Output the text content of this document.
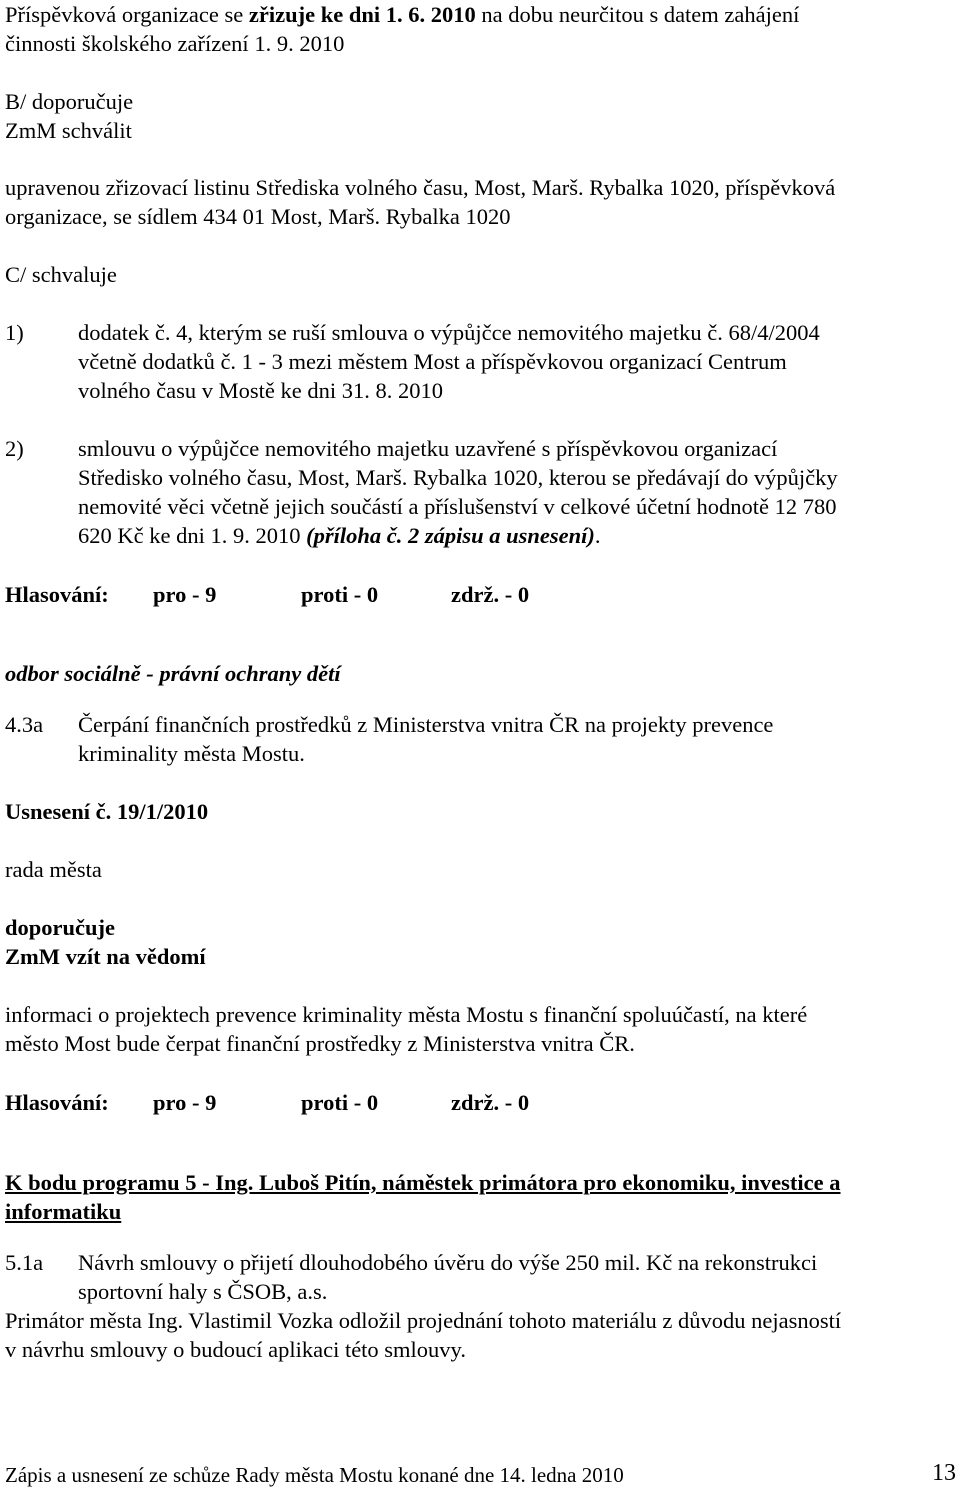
Příspěvková organizace se zřizuje ke dni 1. 6. 2010 na dobu neurčitou s datem zahájení
činnosti školského zařízení 1. 9. 2010
B/ doporučuje
ZmM schválit
upravenou zřizovací listinu Střediska volného času, Most, Marš. Rybalka 1020, příspěvková
organizace, se sídlem 434 01 Most, Marš. Rybalka 1020
C/ schvaluje
1) dodatek č. 4, kterým se ruší smlouva o výpůjčce nemovitého majetku č. 68/4/2004
včetně dodatků č. 1 - 3 mezi městem Most a příspěvkovou organizací Centrum
volného času v Mostě ke dni 31. 8. 2010
2) smlouvu o výpůjčce nemovitého majetku uzavřené s příspěvkovou organizací
Středisko volného času, Most, Marš. Rybalka 1020, kterou se předávají do výpůjčky
nemovité věci včetně jejich součástí a příslušenství v celkové účetní hodnotě 12 780
620 Kč ke dni 1. 9. 2010 (příloha č. 2 zápisu a usnesení).
Hlasování: pro - 9	proti - 0	zdrž. - 0
odbor sociálně - právní ochrany dětí
4.3a Čerpání finančních prostředků z Ministerstva vnitra ČR na projekty prevence
kriminality města Mostu.
Usnesení č. 19/1/2010
rada města
doporučuje
ZmM vzít na vědomí
informaci o projektech prevence kriminality města Mostu s finanční spoluúčastí, na které
město Most bude čerpat finanční prostředky z Ministerstva vnitra ČR.
Hlasování: pro - 9	proti - 0	zdrž. - 0
K bodu programu 5 - Ing. Luboš Pitín, náměstek primátora pro ekonomiku, investice a
informatiku
5.1a Návrh smlouvy o přijetí dlouhodobého úvěru do výše 250 mil. Kč na rekonstrukci
sportovní haly s ČSOB, a.s.
Primátor města Ing. Vlastimil Vozka odložil projednání tohoto materiálu z důvodu nejasností
v návrhu smlouvy o budoucí aplikaci této smlouvy.
Zápis a usnesení ze schůze Rady města Mostu konané dne 14. ledna 2010	13
